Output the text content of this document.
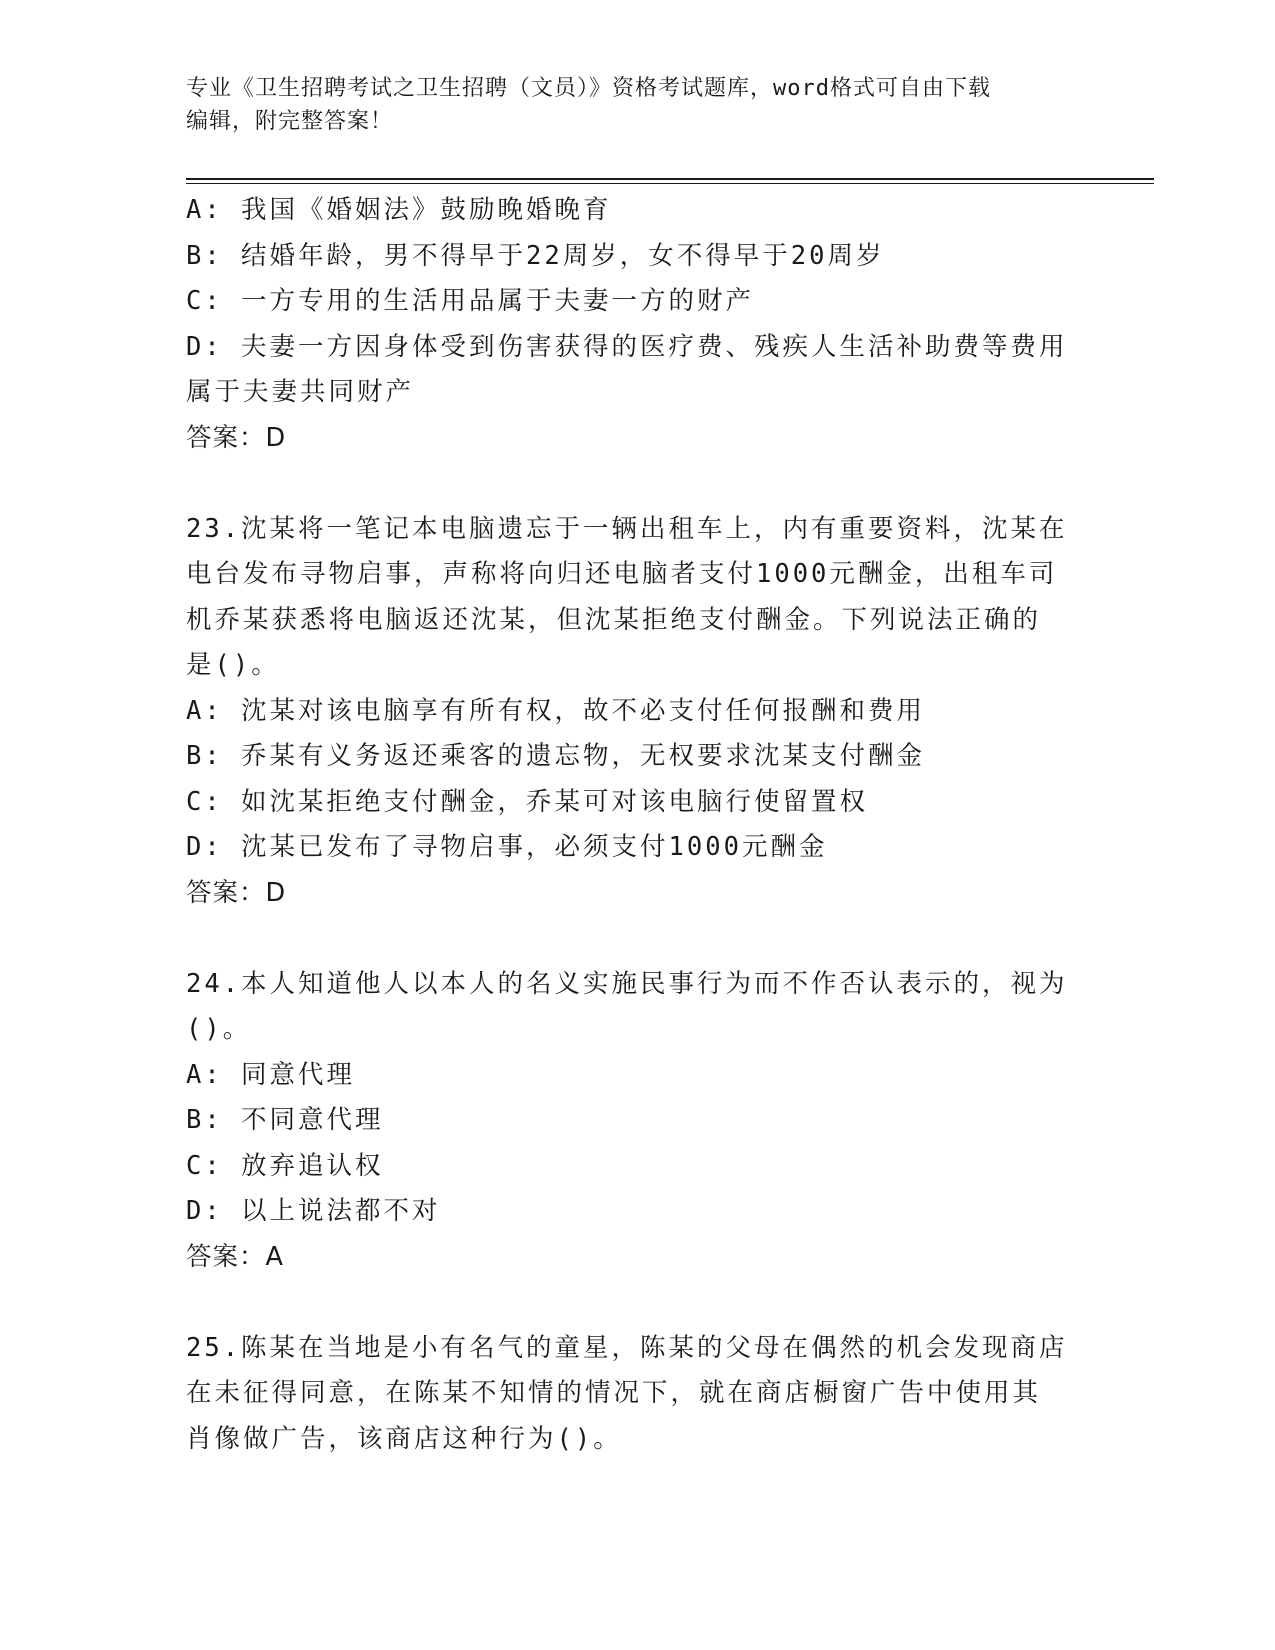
专业《卫生招聘考试之卫生招聘（文员）》资格考试题库，word格式可自由下载
编辑，附完整答案！
A: 我国《婚姻法》鼓励晚婚晚育
B: 结婚年龄，男不得早于22周岁，女不得早于20周岁
C: 一方专用的生活用品属于夫妻一方的财产
D: 夫妻一方因身体受到伤害获得的医疗费、残疾人生活补助费等费用
属于夫妻共同财产
答案：D
23.沈某将一笔记本电脑遗忘于一辆出租车上，内有重要资料，沈某在
电台发布寻物启事，声称将向归还电脑者支付1000元酬金，出租车司
机乔某获悉将电脑返还沈某，但沈某拒绝支付酬金。下列说法正确的
是()。
A: 沈某对该电脑享有所有权，故不必支付任何报酬和费用
B: 乔某有义务返还乘客的遗忘物，无权要求沈某支付酬金
C: 如沈某拒绝支付酬金，乔某可对该电脑行使留置权
D: 沈某已发布了寻物启事，必须支付1000元酬金
答案：D
24.本人知道他人以本人的名义实施民事行为而不作否认表示的，视为
()。
A: 同意代理
B: 不同意代理
C: 放弃追认权
D: 以上说法都不对
答案：A
25.陈某在当地是小有名气的童星，陈某的父母在偶然的机会发现商店
在未征得同意，在陈某不知情的情况下，就在商店橱窗广告中使用其
肖像做广告，该商店这种行为()。
